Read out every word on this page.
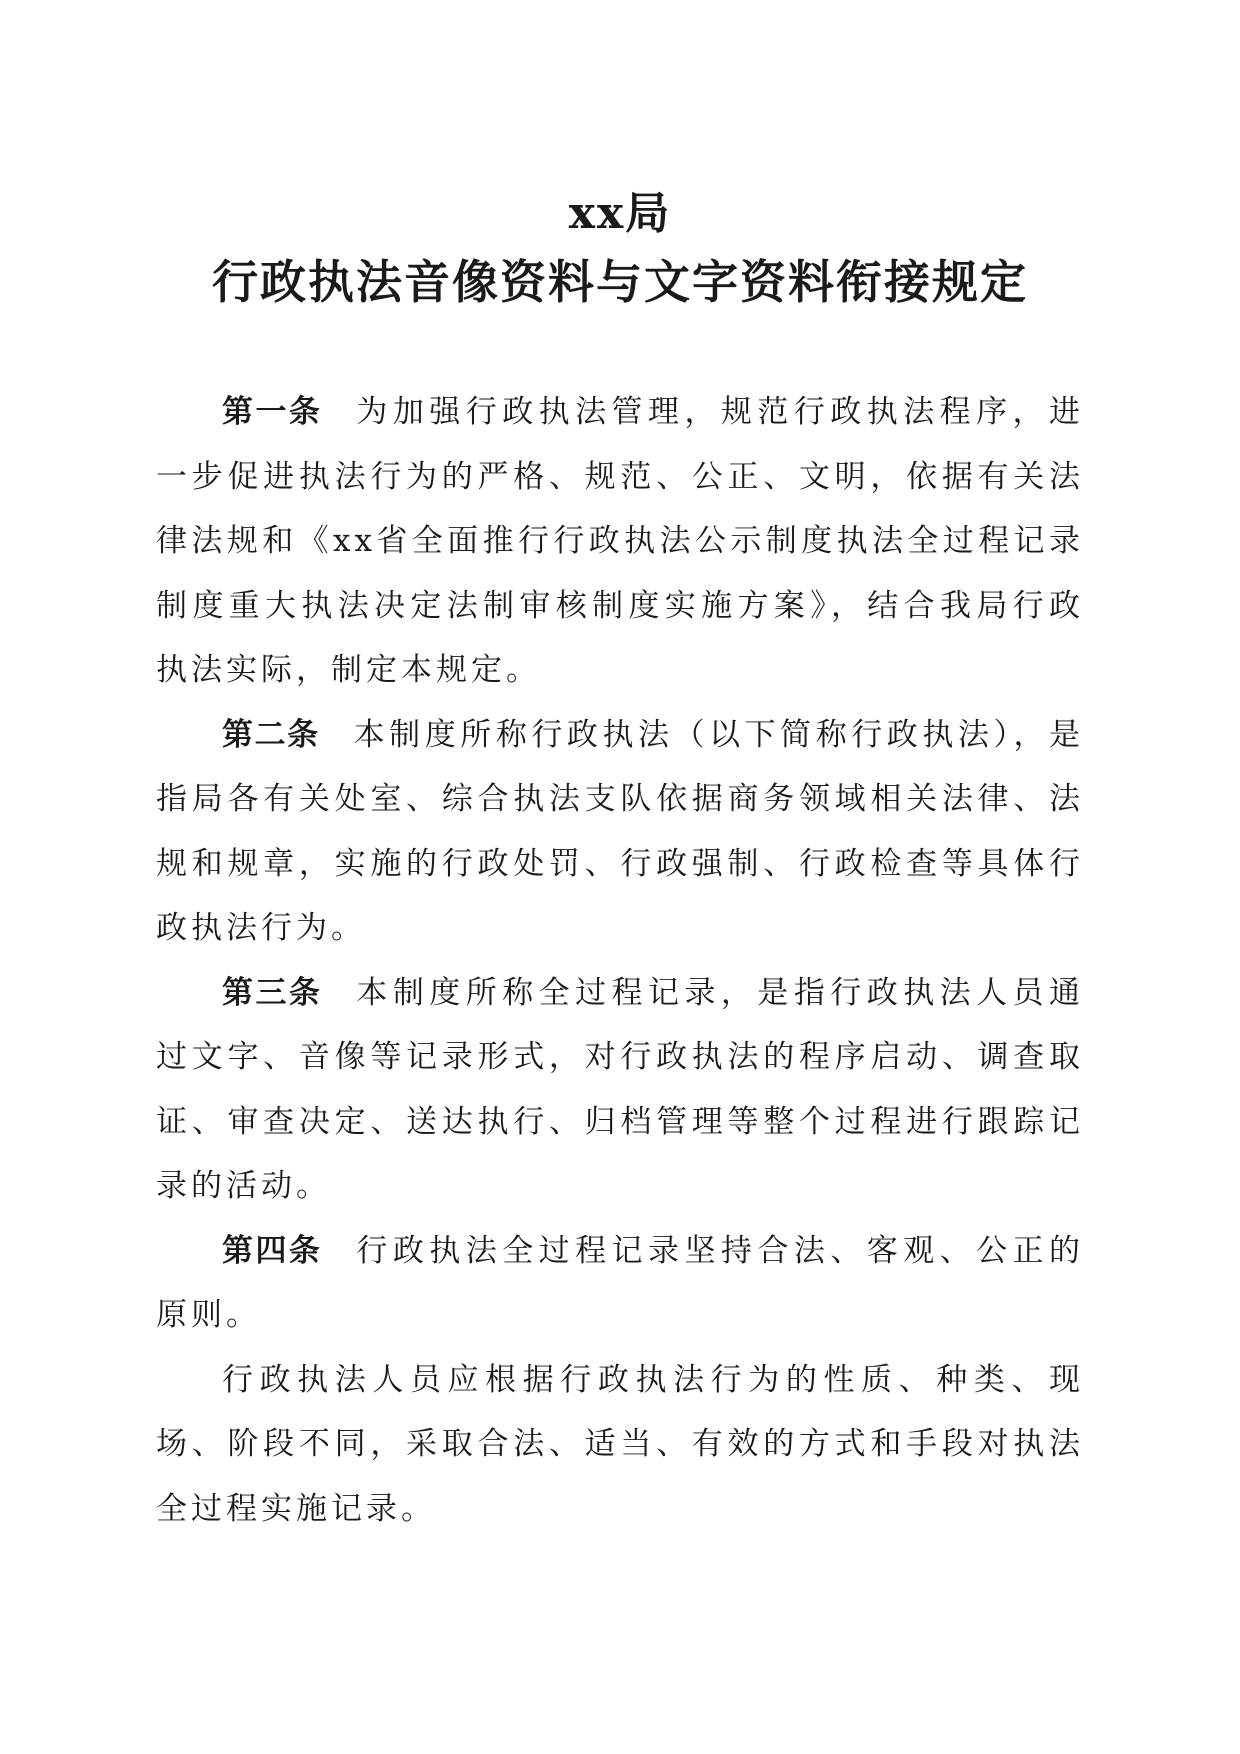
xx局
行政执法音像资料与文字资料衔接规定

第一条 为加强行政执法管理，规范行政执法程序，进一步促进执法行为的严格、规范、公正、文明，依据有关法律法规和《xx省全面推行行政执法公示制度执法全过程记录制度重大执法决定法制审核制度实施方案》，结合我局行政执法实际，制定本规定。

第二条 本制度所称行政执法（以下简称行政执法），是指局各有关处室、综合执法支队依据商务领域相关法律、法规和规章，实施的行政处罚、行政强制、行政检查等具体行政执法行为。

第三条 本制度所称全过程记录，是指行政执法人员通过文字、音像等记录形式，对行政执法的程序启动、调查取证、审查决定、送达执行、归档管理等整个过程进行跟踪记录的活动。

第四条 行政执法全过程记录坚持合法、客观、公正的原则。

行政执法人员应根据行政执法行为的性质、种类、现场、阶段不同，采取合法、适当、有效的方式和手段对执法全过程实施记录。
